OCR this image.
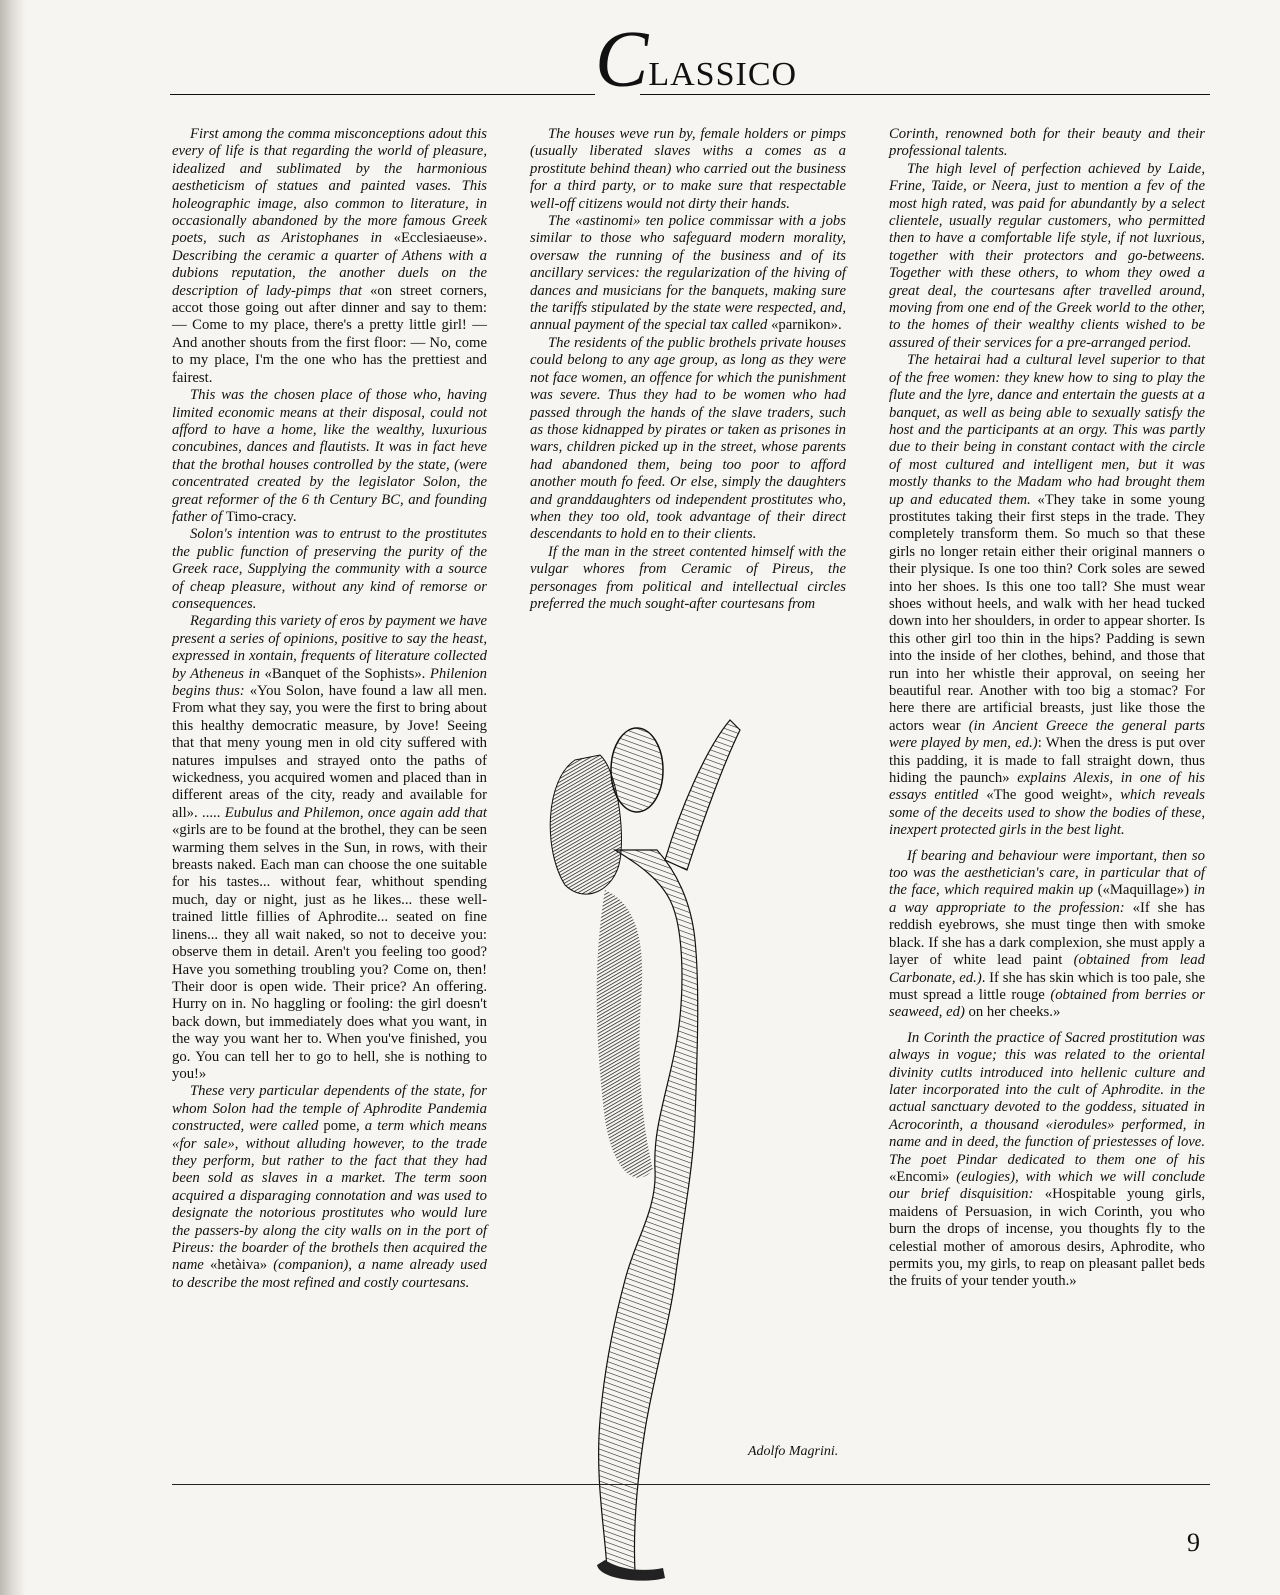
CLASSICO

First among the comma misconceptions adout this every of life is that regarding the world of pleasure, idealized and sublimated by the harmonious aestheticism of statues and painted vases. This holeographic image, also common to literature, in occasionally abandoned by the more famous Greek poets, such as Aristophanes in «Ecclesiaeuse». Describing the ceramic a quarter of Athens with a dubions reputation, the another duels on the description of lady-pimps that «on street corners, accot those going out after dinner and say to them: — Come to my place, there's a pretty little girl! — And another shouts from the first floor: — No, come to my place, I'm the one who has the prettiest and fairest.

This was the chosen place of those who, having limited economic means at their disposal, could not afford to have a home, like the wealthy, luxurious concubines, dances and flautists. It was in fact heve that the brothal houses controlled by the state, (were concentrated created by the legislator Solon, the great reformer of the 6 th Century BC, and founding father of Timo-cracy.

Solon's intention was to entrust to the prostitutes the public function of preserving the purity of the Greek race, Supplying the community with a source of cheap pleasure, without any kind of remorse or consequences.

Regarding this variety of eros by payment we have present a series of opinions, positive to say the heast, expressed in xontain, frequents of literature collected by Atheneus in «Banquet of the Sophists». Philenion begins thus: «You Solon, have found a law all men. From what they say, you were the first to bring about this healthy democratic measure, by Jove! Seeing that that meny young men in old city suffered with natures impulses and strayed onto the paths of wickedness, you acquired women and placed than in different areas of the city, ready and available for all». ..... Eubulus and Philemon, once again add that «girls are to be found at the brothel, they can be seen warming them selves in the Sun, in rows, with their breasts naked. Each man can choose the one suitable for his tastes... without fear, whithout spending much, day or night, just as he likes... these well-trained little fillies of Aphrodite... seated on fine linens... they all wait naked, so not to deceive you: observe them in detail. Aren't you feeling too good? Have you something troubling you? Come on, then! Their door is open wide. Their price? An offering. Hurry on in. No haggling or fooling: the girl doesn't back down, but immediately does what you want, in the way you want her to. When you've finished, you go. You can tell her to go to hell, she is nothing to you!»

These very particular dependents of the state, for whom Solon had the temple of Aphrodite Pandemia constructed, were called pome, a term which means «for sale», without alluding however, to the trade they perform, but rather to the fact that they had been sold as slaves in a market. The term soon acquired a disparaging connotation and was used to designate the notorious prostitutes who would lure the passers-by along the city walls on in the port of Pireus: the boarder of the brothels then acquired the name «hetàiva» (companion), a name already used to describe the most refined and costly courtesans.

The houses weve run by, female holders or pimps (usually liberated slaves withs a comes as a prostitute behind thean) who carried out the business for a third party, or to make sure that respectable well-off citizens would not dirty their hands.

The «astinomi» ten police commissar with a jobs similar to those who safeguard modern morality, oversaw the running of the business and of its ancillary services: the regularization of the hiving of dances and musicians for the banquets, making sure the tariffs stipulated by the state were respected, and, annual payment of the special tax called «parnikon».

The residents of the public brothels private houses could belong to any age group, as long as they were not face women, an offence for which the punishment was severe. Thus they had to be women who had passed through the hands of the slave traders, such as those kidnapped by pirates or taken as prisones in wars, children picked up in the street, whose parents had abandoned them, being too poor to afford another mouth fo feed. Or else, simply the daughters and granddaughters od independent prostitutes who, when they too old, took advantage of their direct descendants to hold en to their clients.

If the man in the street contented himself with the vulgar whores from Ceramic of Pireus, the personages from political and intellectual circles preferred the much sought-after courtesans from

Adolfo Magrini.

Corinth, renowned both for their beauty and their professional talents.

The high level of perfection achieved by Laide, Frine, Taide, or Neera, just to mention a fev of the most high rated, was paid for abundantly by a select clientele, usually regular customers, who permitted then to have a comfortable life style, if not luxrious, together with their protectors and go-betweens. Together with these others, to whom they owed a great deal, the courtesans after travelled around, moving from one end of the Greek world to the other, to the homes of their wealthy clients wished to be assured of their services for a pre-arranged period.

The hetairai had a cultural level superior to that of the free women: they knew how to sing to play the flute and the lyre, dance and entertain the guests at a banquet, as well as being able to sexually satisfy the host and the participants at an orgy. This was partly due to their being in constant contact with the circle of most cultured and intelligent men, but it was mostly thanks to the Madam who had brought them up and educated them. «They take in some young prostitutes taking their first steps in the trade. They completely transform them. So much so that these girls no longer retain either their original manners o their plysique. Is one too thin? Cork soles are sewed into her shoes. Is this one too tall? She must wear shoes without heels, and walk with her head tucked down into her shoulders, in order to appear shorter. Is this other girl too thin in the hips? Padding is sewn into the inside of her clothes, behind, and those that run into her whistle their approval, on seeing her beautiful rear. Another with too big a stomac? For here there are artificial breasts, just like those the actors wear (in Ancient Greece the general parts were played by men, ed.): When the dress is put over this padding, it is made to fall straight down, thus hiding the paunch» explains Alexis, in one of his essays entitled «The good weight», which reveals some of the deceits used to show the bodies of these, inexpert protected girls in the best light.

If bearing and behaviour were important, then so too was the aesthetician's care, in particular that of the face, which required makin up («Maquillage») in a way appropriate to the profession: «If she has reddish eyebrows, she must tinge then with smoke black. If she has a dark complexion, she must apply a layer of white lead paint (obtained from lead Carbonate, ed.). If she has skin which is too pale, she must spread a little rouge (obtained from berries or seaweed, ed) on her cheeks.»

In Corinth the practice of Sacred prostitution was always in vogue; this was related to the oriental divinity cutlts introduced into hellenic culture and later incorporated into the cult of Aphrodite. in the actual sanctuary devoted to the goddess, situated in Acrocorinth, a thousand «ierodules» performed, in name and in deed, the function of priestesses of love. The poet Pindar dedicated to them one of his «Encomi» (eulogies), with which we will conclude our brief disquisition: «Hospitable young girls, maidens of Persuasion, in wich Corinth, you who burn the drops of incense, you thoughts fly to the celestial mother of amorous desirs, Aphrodite, who permits you, my girls, to reap on pleasant pallet beds the fruits of your tender youth.»

9
